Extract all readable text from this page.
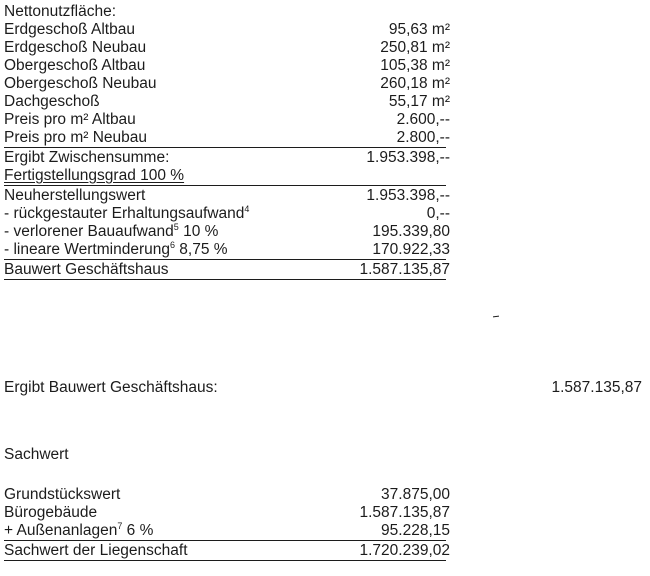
Nettonutzfläche:
Erdgeschoß Altbau	95,63 m²
Erdgeschoß Neubau	250,81 m²
Obergeschoß Altbau	105,38 m²
Obergeschoß Neubau	260,18 m²
Dachgeschoß	55,17 m²
Preis pro m² Altbau	2.600,--
Preis pro m² Neubau	2.800,--
Ergibt Zwischensumme:	1.953.398,--
Fertigstellungsgrad 100 %
Neuherstellungswert	1.953.398,--
- rückgestauter Erhaltungsaufwand$^4$	0,--
- verlorener Bauaufwand$^5$ 10 %	195.339,80
- lineare Wertminderung$^6$ 8,75 %	170.922,33
Bauwert Geschäftshaus	1.587.135,87
Ergibt Bauwert Geschäftshaus:	1.587.135,87
Sachwert
Grundstückswert	37.875,00
Bürogebäude	1.587.135,87
+ Außenanlagen$^7$ 6 %	95.228,15
Sachwert der Liegenschaft	1.720.239,02
